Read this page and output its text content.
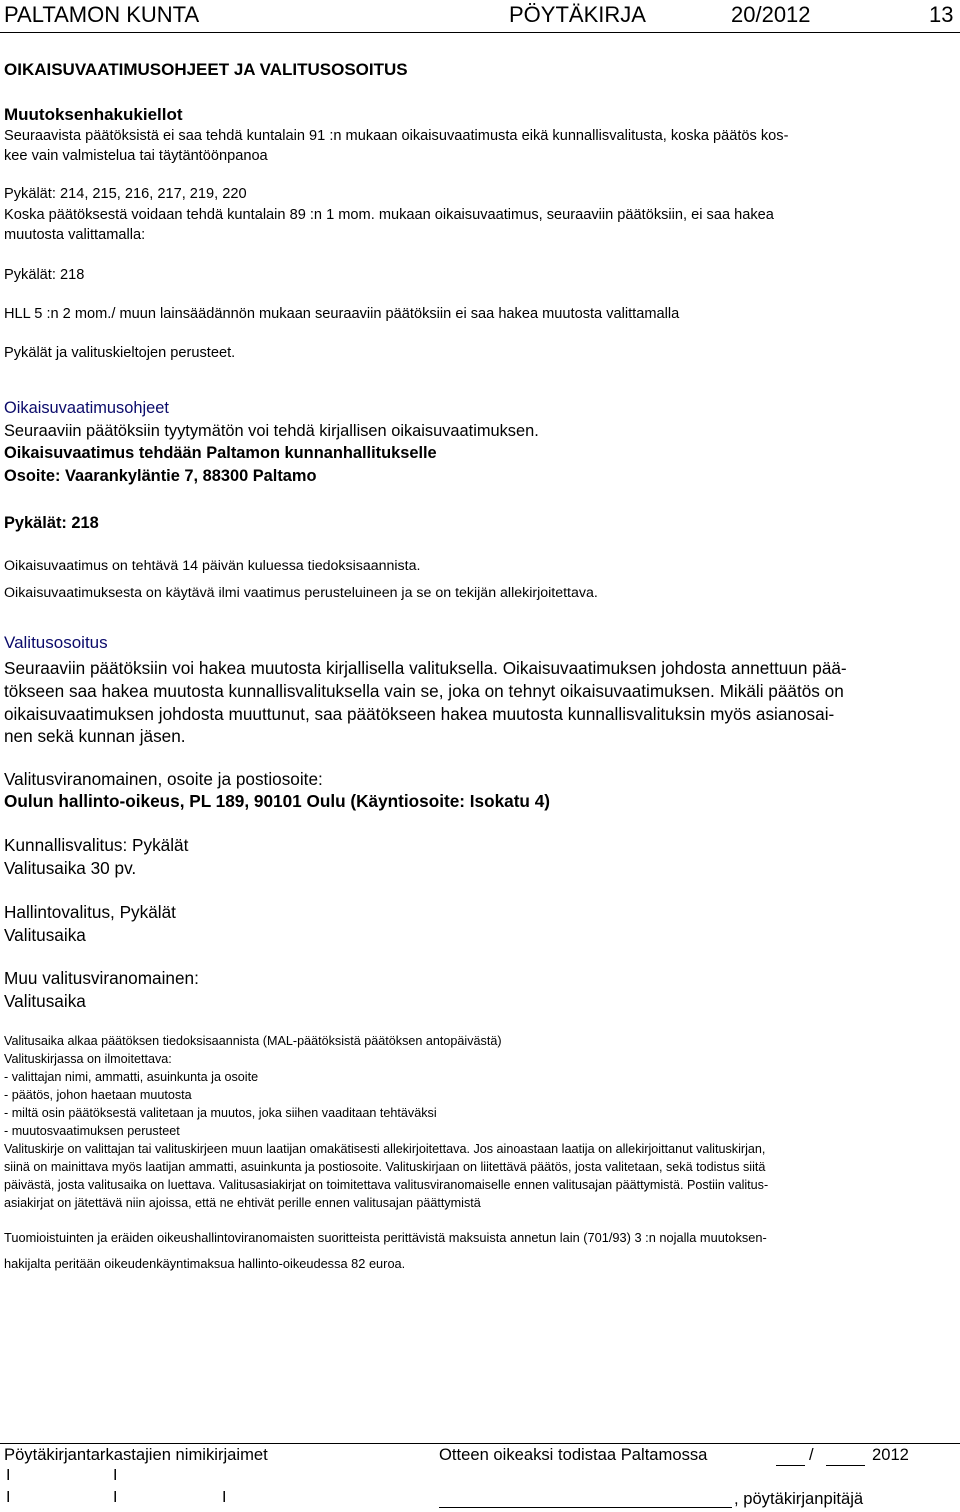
PALTAMON KUNTA	PÖYTÄKIRJA	20/2012	13
OIKAISUVAATIMUSOHJEET JA VALITUSOSOITUS
Muutoksenhakukiellot
Seuraavista päätöksistä ei saa tehdä kuntalain 91 :n mukaan oikaisuvaatimusta eikä kunnallisvalitusta, koska päätös kos-
kee vain valmistelua tai täytäntöönpanoa
Pykälät: 214, 215, 216, 217, 219, 220
Koska päätöksestä voidaan tehdä kuntalain 89 :n 1 mom. mukaan oikaisuvaatimus, seuraaviin päätöksiin, ei saa hakea
muutosta valittamalla:
Pykälät: 218
HLL 5 :n 2 mom./ muun lainsäädännön mukaan seuraaviin päätöksiin ei saa hakea muutosta valittamalla
Pykälät ja valituskieltojen perusteet.
Oikaisuvaatimusohjeet
Seuraaviin päätöksiin tyytymätön voi tehdä kirjallisen oikaisuvaatimuksen.
Oikaisuvaatimus tehdään Paltamon kunnanhallitukselle
Osoite: Vaarankyläntie 7, 88300 Paltamo
Pykälät: 218
Oikaisuvaatimus on tehtävä 14 päivän kuluessa tiedoksisaannista.
Oikaisuvaatimuksesta on käytävä ilmi vaatimus perusteluineen ja se on tekijän allekirjoitettava.
Valitusosoitus
Seuraaviin päätöksiin voi hakea muutosta kirjallisella valituksella. Oikaisuvaatimuksen johdosta annettuun pää-
tökseen saa hakea muutosta kunnallisvalituksella vain se, joka on tehnyt oikaisuvaatimuksen. Mikäli päätös on
oikaisuvaatimuksen johdosta muuttunut, saa päätökseen hakea muutosta kunnallisvalituksin myös asianosai-
nen sekä kunnan jäsen.
Valitusviranomainen, osoite ja postiosoite:
Oulun hallinto-oikeus, PL 189, 90101 Oulu (Käyntiosoite: Isokatu 4)
Kunnallisvalitus: Pykälät
Valitusaika 30 pv.
Hallintovalitus, Pykälät
Valitusaika
Muu valitusviranomainen:
Valitusaika
Valitusaika alkaa päätöksen tiedoksisaannista (MAL-päätöksistä päätöksen antopäivästä)
Valituskirjassa on ilmoitettava:
- valittajan nimi, ammatti, asuinkunta ja osoite
- päätös, johon haetaan muutosta
- miltä osin päätöksestä valitetaan ja muutos, joka siihen vaaditaan tehtäväksi
- muutosvaatimuksen perusteet
Valituskirje on valittajan tai valituskirjeen muun laatijan omakätisesti allekirjoitettava. Jos ainoastaan laatija on allekirjoittanut valituskirjan,
siinä on mainittava myös laatijan ammatti, asuinkunta ja postiosoite. Valituskirjaan on liitettävä päätös, josta valitetaan, sekä todistus siitä
päivästä, josta valitusaika on luettava. Valitusasiakirjat on toimitettava valitusviranomaiselle ennen valitusajan päättymistä. Postiin valitus-
asiakirjat on jätettävä niin ajoissa, että ne ehtivät perille ennen valitusajan päättymistä
Tuomioistuinten ja eräiden oikeushallintoviranomaisten suoritteista perittävistä maksuista annetun lain (701/93) 3 :n nojalla muutoksen-
hakijalta peritään oikeudenkäyntimaksua hallinto-oikeudessa 82 euroa.
Pöytäkirjantarkastajien nimikirjaimet	Otteen oikeaksi todistaa Paltamossa	/	2012
I	I
I	I	I	, pöytäkirjanpitäjä
